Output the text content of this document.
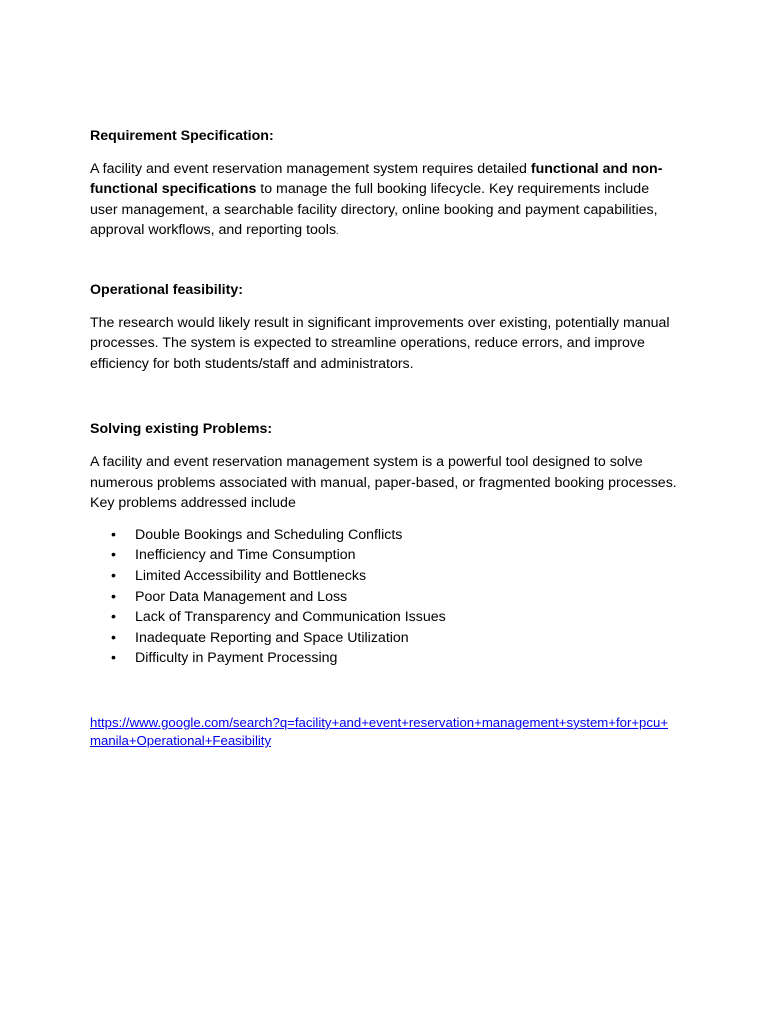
Requirement Specification:

A facility and event reservation management system requires detailed functional and non-functional specifications to manage the full booking lifecycle. Key requirements include user management, a searchable facility directory, online booking and payment capabilities, approval workflows, and reporting tools.

Operational feasibility:

The research would likely result in significant improvements over existing, potentially manual processes. The system is expected to streamline operations, reduce errors, and improve efficiency for both students/staff and administrators.

Solving existing Problems:

A facility and event reservation management system is a powerful tool designed to solve numerous problems associated with manual, paper-based, or fragmented booking processes. Key problems addressed include

• Double Bookings and Scheduling Conflicts
• Inefficiency and Time Consumption
• Limited Accessibility and Bottlenecks
• Poor Data Management and Loss
• Lack of Transparency and Communication Issues
• Inadequate Reporting and Space Utilization
• Difficulty in Payment Processing
https://www.google.com/search?q=facility+and+event+reservation+management+system+for+pcu+manila+Operational+Feasibility
